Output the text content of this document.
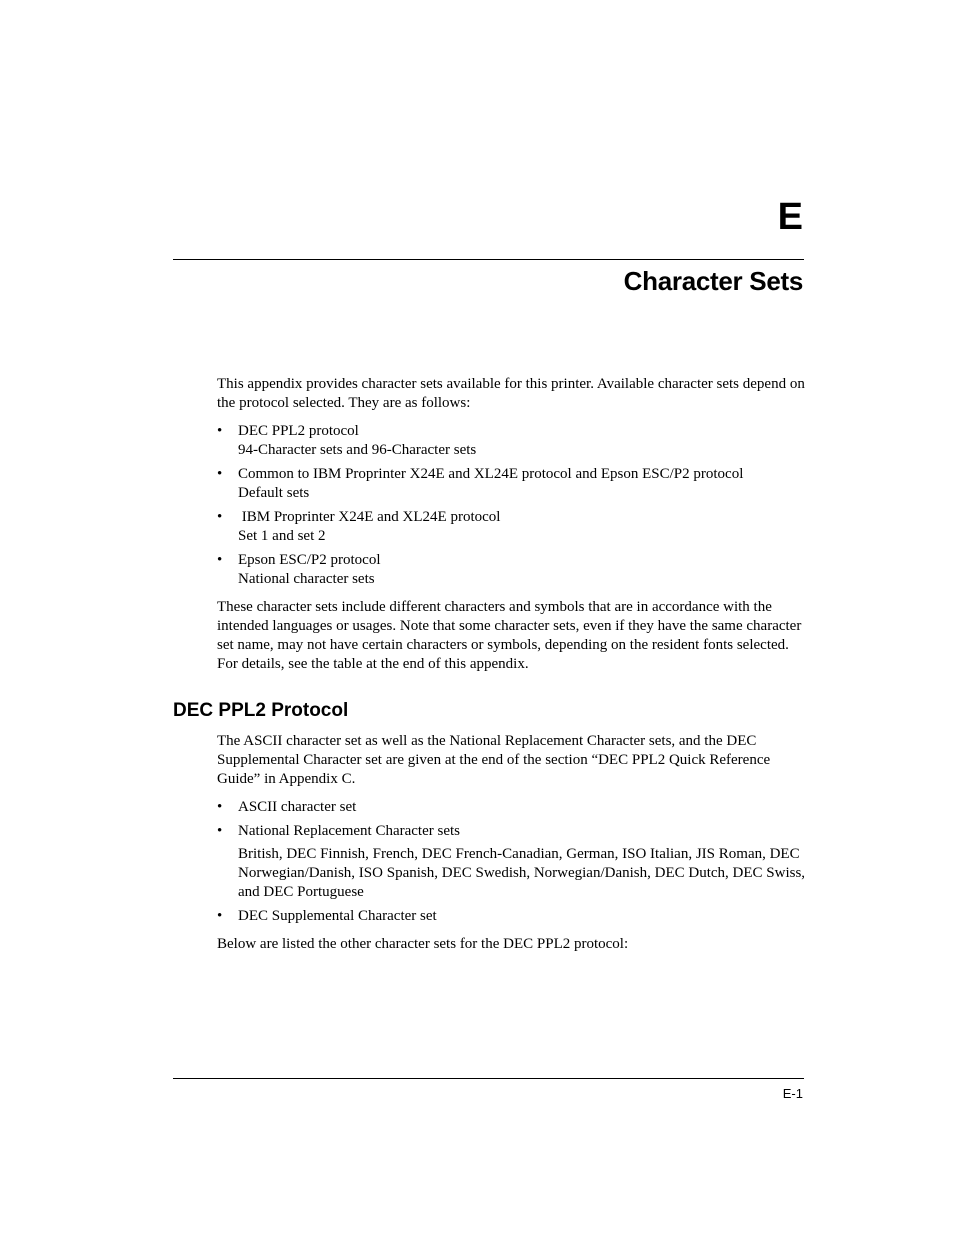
E
Character Sets

This appendix provides character sets available for this printer. Available character sets depend on the protocol selected. They are as follows:

• DEC PPL2 protocol
94-Character sets and 96-Character sets
• Common to IBM Proprinter X24E and XL24E protocol and Epson ESC/P2 protocol
Default sets
• IBM Proprinter X24E and XL24E protocol
Set 1 and set 2
• Epson ESC/P2 protocol
National character sets

These character sets include different characters and symbols that are in accordance with the intended languages or usages. Note that some character sets, even if they have the same character set name, may not have certain characters or symbols, depending on the resident fonts selected. For details, see the table at the end of this appendix.

DEC PPL2 Protocol

The ASCII character set as well as the National Replacement Character sets, and the DEC Supplemental Character set are given at the end of the section “DEC PPL2 Quick Reference Guide” in Appendix C.

• ASCII character set
• National Replacement Character sets
British, DEC Finnish, French, DEC French-Canadian, German, ISO Italian, JIS Roman, DEC Norwegian/Danish, ISO Spanish, DEC Swedish, Norwegian/Danish, DEC Dutch, DEC Swiss, and DEC Portuguese
• DEC Supplemental Character set

Below are listed the other character sets for the DEC PPL2 protocol:

E-1
